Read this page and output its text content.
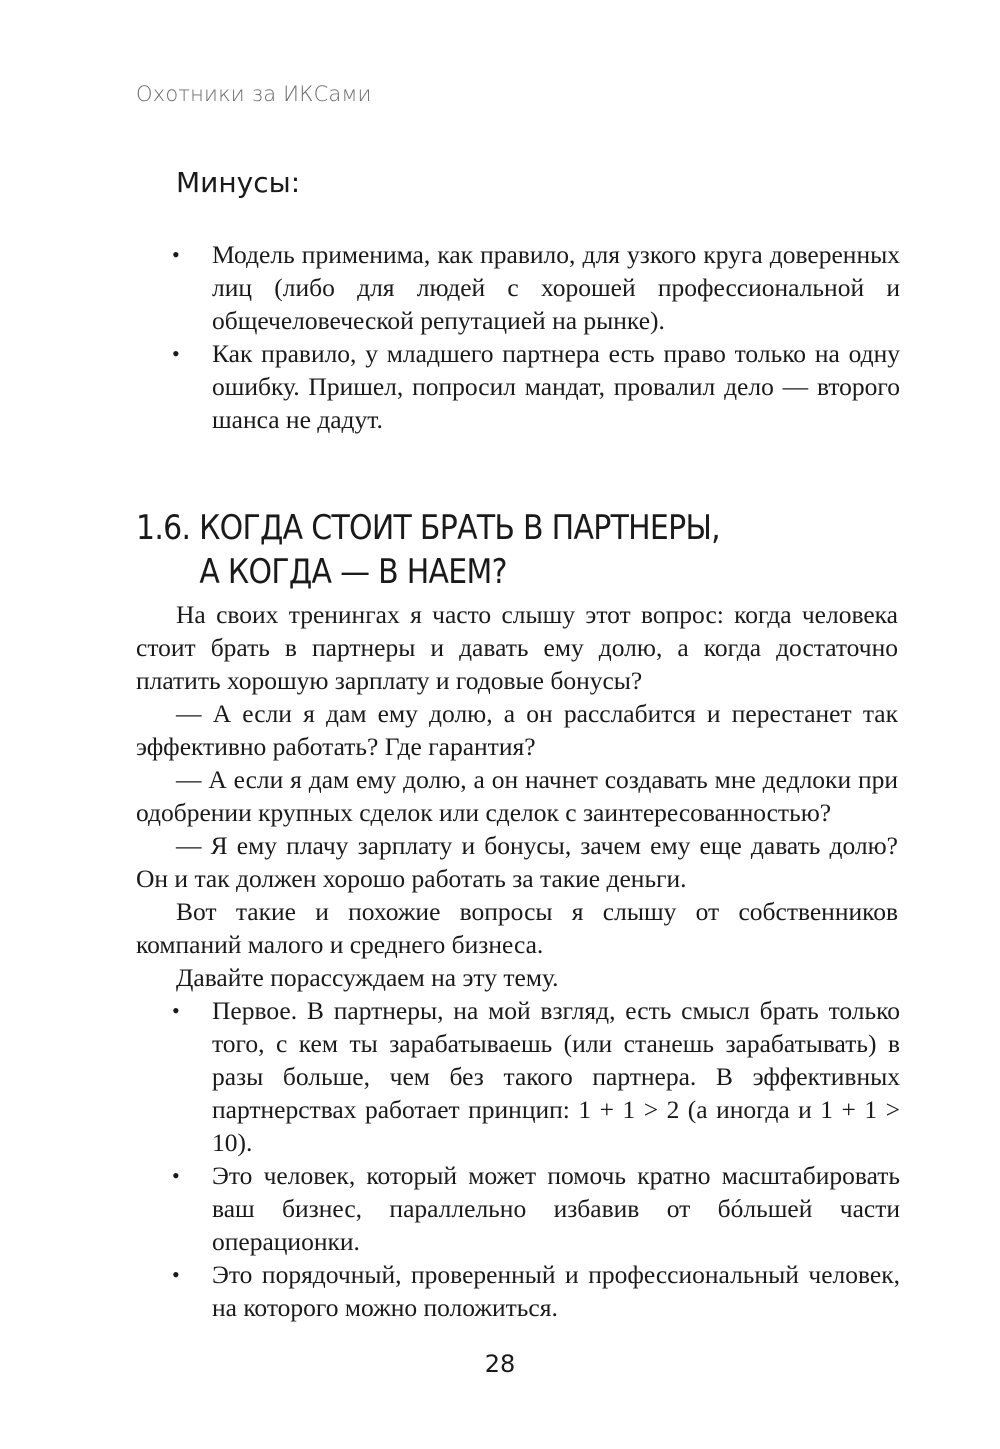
Охотники за ИКСами
Минусы:
• Модель применима, как правило, для узкого круга доверенных лиц (либо для людей с хорошей профессиональной и общечеловеческой репутацией на рынке).
• Как правило, у младшего партнера есть право только на одну ошибку. Пришел, попросил мандат, провалил дело — второго шанса не дадут.
1.6. КОГДА СТОИТ БРАТЬ В ПАРТНЕРЫ,
А КОГДА — В НАЕМ?

На своих тренингах я часто слышу этот вопрос: когда человека стоит брать в партнеры и давать ему долю, а когда достаточно платить хорошую зарплату и годовые бонусы?

— А если я дам ему долю, а он расслабится и перестанет так эффективно работать? Где гарантия?

— А если я дам ему долю, а он начнет создавать мне дедлоки при одобрении крупных сделок или сделок с заинтересованностью?

— Я ему плачу зарплату и бонусы, зачем ему еще давать долю? Он и так должен хорошо работать за такие деньги.

Вот такие и похожие вопросы я слышу от собственников компаний малого и среднего бизнеса.

Давайте порассуждаем на эту тему.

• Первое. В партнеры, на мой взгляд, есть смысл брать только того, с кем ты зарабатываешь (или станешь зарабатывать) в разы больше, чем без такого партнера. В эффективных партнерствах работает принцип: 1 + 1 > 2 (а иногда и 1 + 1 > 10).
• Это человек, который может помочь кратно масштабировать ваш бизнес, параллельно избавив от бóльшей части операционки.
• Это порядочный, проверенный и профессиональный человек, на которого можно положиться.
28
